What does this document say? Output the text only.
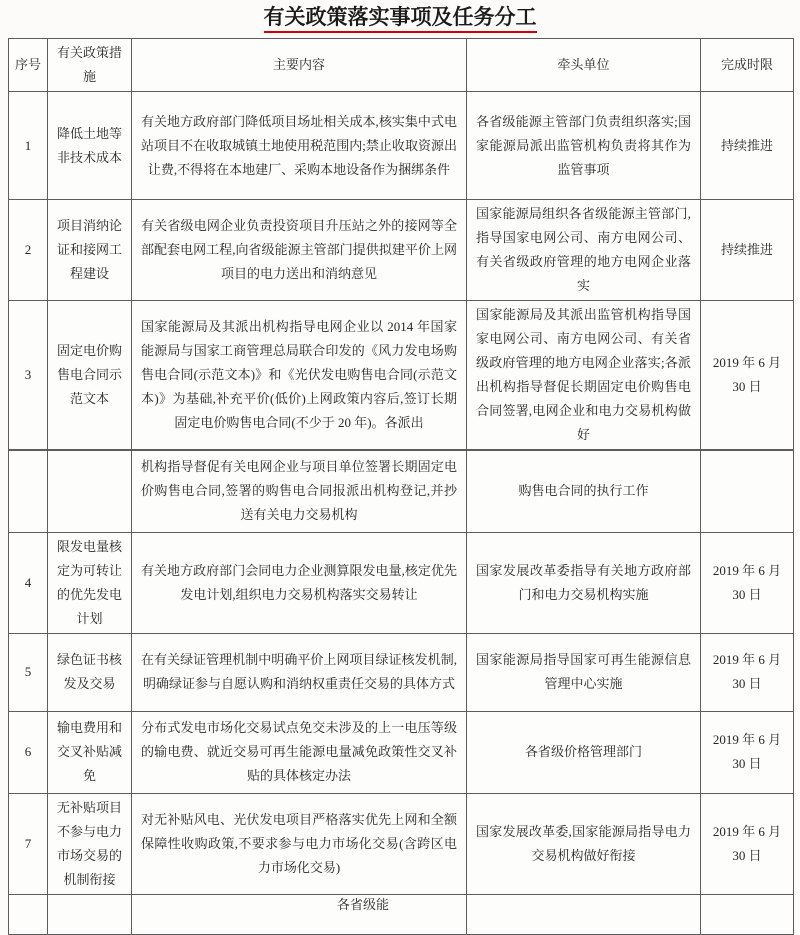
有关政策落实事项及任务分工
序号	有关政策措施	主要内容	牵头单位	完成时限
1	降低土地等非技术成本	有关地方政府部门降低项目场址相关成本,核实集中式电站项目不在收取城镇土地使用税范围内;禁止收取资源出让费,不得将在本地建厂、采购本地设备作为捆绑条件	各省级能源主管部门负责组织落实;国家能源局派出监管机构负责将其作为监管事项	持续推进
2	项目消纳论证和接网工程建设	有关省级电网企业负责投资项目升压站之外的接网等全部配套电网工程,向省级能源主管部门提供拟建平价上网项目的电力送出和消纳意见	国家能源局组织各省级能源主管部门,指导国家电网公司、南方电网公司、有关省级政府管理的地方电网企业落实	持续推进
3	固定电价购售电合同示范文本	国家能源局及其派出机构指导电网企业以 2014 年国家能源局与国家工商管理总局联合印发的《风力发电场购售电合同(示范文本)》和《光伏发电购售电合同(示范文本)》为基础,补充平价(低价)上网政策内容后,签订长期固定电价购售电合同(不少于 20 年)。各派出	国家能源局及其派出监管机构指导国家电网公司、南方电网公司、有关省级政府管理的地方电网企业落实;各派出机构指导督促长期固定电价购售电合同签署,电网企业和电力交易机构做好	2019 年 6 月 30 日
		机构指导督促有关电网企业与项目单位签署长期固定电价购售电合同,签署的购售电合同报派出机构登记,并抄送有关电力交易机构	购售电合同的执行工作	
4	限发电量核定为可转让的优先发电计划	有关地方政府部门会同电力企业测算限发电量,核定优先发电计划,组织电力交易机构落实交易转让	国家发展改革委指导有关地方政府部门和电力交易机构实施	2019 年 6 月 30 日
5	绿色证书核发及交易	在有关绿证管理机制中明确平价上网项目绿证核发机制,明确绿证参与自愿认购和消纳权重责任交易的具体方式	国家能源局指导国家可再生能源信息管理中心实施	2019 年 6 月 30 日
6	输电费用和交叉补贴减免	分布式发电市场化交易试点免交未涉及的上一电压等级的输电费、就近交易可再生能源电量减免政策性交叉补贴的具体核定办法	各省级价格管理部门	2019 年 6 月 30 日
7	无补贴项目不参与电力市场交易的机制衔接	对无补贴风电、光伏发电项目严格落实优先上网和全额保障性收购政策,不要求参与电力市场化交易(含跨区电力市场化交易)	国家发展改革委,国家能源局指导电力交易机构做好衔接	2019 年 6 月 30 日
		各省级能		
